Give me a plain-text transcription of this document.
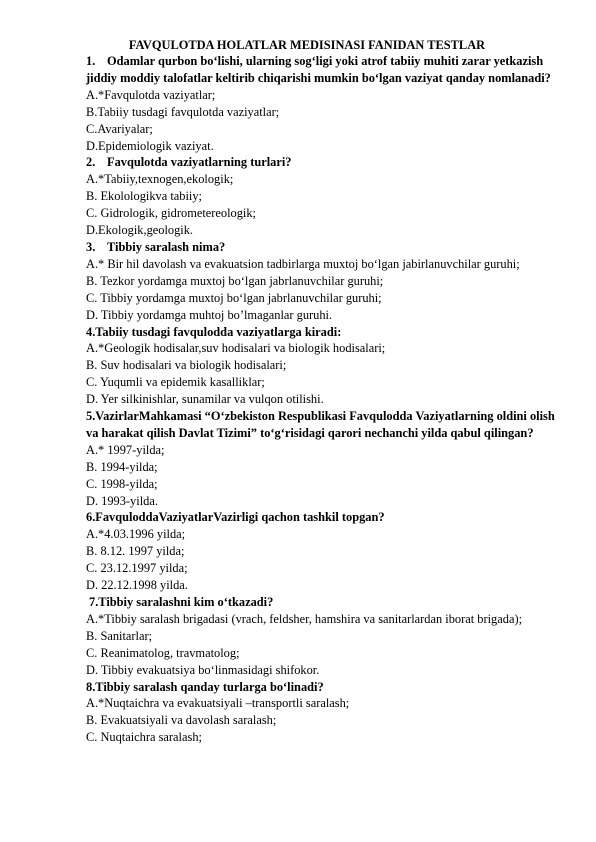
FAVQULOTDA HOLATLAR MEDISINASI FANIDAN TESTLAR

1. Odamlar qurbon boʻlishi, ularning sogʻligi yoki atrof tabiiy muhiti zarar yetkazish jiddiy moddiy talofatlar keltirib chiqarishi mumkin boʻlgan vaziyat qanday nomlanadi?

A.*Favqulotda vaziyatlar;

B.Tabiiy tusdagi favqulotda vaziyatlar;

C.Avariyalar;

D.Epidemiologik vaziyat.

2. Favqulotda vaziyatlarning turlari?

A.*Tabiiy,texnogen,ekologik;

B. Ekolologikva tabiiy;

C. Gidrologik, gidrometereologik;

D.Ekologik,geologik.

3. Tibbiy saralash nima?

A.* Bir hil davolash va evakuatsion tadbirlarga muxtoj boʻlgan jabirlanuvchilar guruhi;

B. Tezkor yordamga muxtoj boʻlgan jabrlanuvchilar guruhi;

C. Tibbiy yordamga muxtoj boʻlgan jabrlanuvchilar guruhi;

D. Tibbiy yordamga muhtoj boʼlmaganlar guruhi.

4.Tabiiy tusdagi favqulodda vaziyatlarga kiradi:

A.*Geologik hodisalar,suv hodisalari va biologik hodisalari;

B. Suv hodisalari va biologik hodisalari;

C. Yuqumli va epidemik kasalliklar;

D. Yer silkinishlar, sunamilar va vulqon otilishi.

5.VazirlarMahkamasi “Oʻzbekiston Respublikasi Favqulodda Vaziyatlarning oldini olish va harakat qilish Davlat Tizimi” toʻgʻrisidagi qarori nechanchi yilda qabul qilingan?

A.* 1997-yilda;

B. 1994-yilda;

C. 1998-yilda;

D. 1993-yilda.

6.FavquloddaVaziyatlarVazirligi qachon tashkil topgan?

A.*4.03.1996 yilda;

B. 8.12. 1997 yilda;

C. 23.12.1997 yilda;

D. 22.12.1998 yilda.

7.Tibbiy saralashni kim oʻtkazadi?

A.*Tibbiy saralash brigadasi (vrach, feldsher, hamshira va sanitarlardan iborat brigada);

B. Sanitarlar;

C. Reanimatolog, travmatolog;

D. Tibbiy evakuatsiya boʻlinmasidagi shifokor.

8.Tibbiy saralash qanday turlarga boʻlinadi?

A.*Nuqtaichra va evakuatsiyali –transportli saralash;

B. Evakuatsiyali va davolash saralash;

C. Nuqtaichra saralash;
